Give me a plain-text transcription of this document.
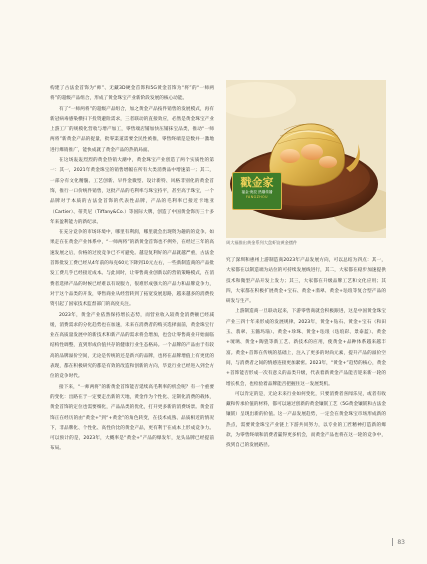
构建了古法金首饰为“师”、无藏3D硬金首饰和5G黄金首饰为“将”的“一师两将”的超级产品组合，形成了黄金珠宝产业新阶段发展的核心动能。

有了“一师两将”的超级产品组合，加之黄金产品按件销售的发展模式，再有新冠病毒感染横扫下投资避险需求，三者联动的直接效应，必然是黄金珠宝产业上游工厂的规模化营收与增产加工，零售端店铺加快压铺抹宝品类，推动“一师两将”新黄金产品的捉量，批零渠道需要全民性被推，零售终端是是数并一激地进行爆销推广，能快成就了黄金产品的热销局面。

在这场轰轰烈烈的黄金热销大潮中，黄金珠宝产业创造了两个实质性的第一：其一，2021年黄金珠宝的销售增幅在所有大类消费品中增速第一；其二，一部分有文化精髓、工艺创新、早件金微型、设计新特、风格非别化的黄金首饰，推行一口价统件销售，这批产品的毛利率与珠宝持平，甚至高于珠宝，一个品牌对于本质的古法金首饰的代表性品牌，产品的毛利率已接近卡地亚（Cartier）、蒂芙尼（Tiffany&Co.）等国际大牌，创造了中国黄金饰历三十多年来盈利能力的新纪录。

在充分竞争的市场环境中，哪里有利润，哪里就会出现资为趣的的竞争。如果走在在黄金产业体系中，“一师两将”的新黄金首饰也不例外，在经过三年的高速发展之后，价格的过度竞争已不可避免。越是复利好的产品就越严重，古法金首饰批发工费已经从4年前的每克60元下降到10元左右，一些新制造商的产品批发工费几乎已经接近成本。与此同时，让零售商业创新以的营销策略模式，在消费者选择产品的时候已经难以有说服力，很难形成强大的产品力和品牌竞争力，对于这个品类的开发，零售商业从经营转到了拓宽发展思路，越来越多的消费投资引起了国家技术监督部门的高度关注。

2023年，黄金产业依然保持增长态势，而营业收入较黄金消费额已经减缓，消费需求的分化趋势也在加速，未来在消费者的购买选择面前，黄金珠宝行业在高质量发展中的新技术和新产品的需求将会增加，也会让零售商业开始面临结构性调整，直到形成价值共存的健康行业生态格局。一个品牌的产品由于有较高的品牌溢价空间，无论是传统的还是新兴的品牌，也将在品牌增值上有更优的表现，都在积极研究的都是有效的改造和创新的方向，毕竟行业已经进入到全方位的竞争时代。

接下来，“一师两将”的新黄金首饰能否延续高毛利率的机会呢？有一个重要的变化：出路在于一定要走出新的天地，黄金作为个性化、定制化消费的载体，黄金首饰的定位也需要细化，产品品类的优化，打开更多新的消费场景。黄金首饰正在经历的由“黄金+”到“+黄金”的角色转变，在技术成熟、品质相近的情况下，非品牌化、个性化、高性价比的黄金产品，更有利于在成本上形成竞争力。可以预计的是，2023年，大概率是“黄金+”产品的爆发年，龙头品牌已经提前布局。

戳金家
福金·庚辰 热爆传播
FANGZHOU
周大福推出黄金系列大盘虾饺黄金摆件

究了深圳和惠州上游制造商2023年产品发展方向，可以总结为四点：其一，大家都在以制造端为站位的可持续发展线进行，其二，大家都在稳步加速提供技术和微型产品开发上发力；其三，大家都在升级品牌工艺和文化应用；其四，大家都在积极扩展黄金+宝石、黄金+翡翠、黄金+珐琅等复合型产品的研发与生产。

上游制造商一旦联动起来，下游零售商就会积极跟进，这是中国黄金珠宝产业三四十年来形成的发展规律。2023年，黄金+钻石、黄金+宝石（和田玉、翡翠、玉髓玛瑙）、黄金+珍珠、黄金+珐琅（珐琅彩、景泰蓝）、黄金+琉璃、黄金+陶瓷等新工艺、新技术的应用，使黄金+品种体系越来越丰富。黄金+首饰在传统的基础上，注入了更多的时尚元素，提升产品的溢价空间，与消费者之间的情感连接更加紧密。2023年，“黄金+”趋势的核心，黄金+首饰能否形成一次有意义的品类升级，代表着新黄金产品能否迎来新一轮的增长机会，也检验着品牌能否把握住这一发展契机。

可以肯定的是，无论未来行业如何变化，只要消费者喜闻乐见，或者有收藏和传承价值的材料，都可以通过创新的黄金镶嵌工艺（5G黄金镶嵌和古法金镶嵌）呈现出新的价值。这一产品发展趋势，一定会在黄金珠宝市场形成新的热点，需要黄金珠宝产业链上下游共同努力，以专业的工匠精神打造新的爆款，为零售终端和消费者赢得更多机会，而黄金产品也将在这一轮的竞争中，找到自己的发展路径。

83
